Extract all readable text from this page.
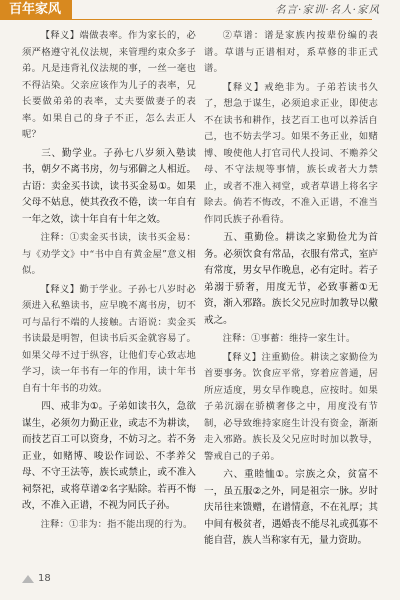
百年家风	名言·家训·名人·家风

【释义】端做表率。作为家长的，必须严格遵守礼仪法规，来管理约束众多子弟。凡是违背礼仪法规的事，一丝一毫也不得沾染。父亲应该作为儿子的表率，兄长要做弟弟的表率，丈夫要做妻子的表率。如果自己的身子不正，怎么去正人呢？

三、勤学业。子孙七八岁须入塾读书，朝夕不离书房，勿与邪僻之人相近。古语：卖金买书读，读书买金易①。如果父母不姑息，使其孜孜不倦，读一年自有一年之效，读十年自有十年之效。

注释：①卖金买书读，读书买金易：与《劝学文》中“书中自有黄金屋”意义相似。

【释义】勤于学业。子孙七八岁时必须进入私塾读书，应早晚不离书房，切不可与品行不端的人接触。古语说：卖金买书读最是明智，但读书后买金就容易了。如果父母不过于纵容，让他们专心致志地学习，读一年书有一年的作用，读十年书自有十年书的功效。

四、戒非为①。子弟如读书久，急欲谋生，必须勿力勤正业，或志不为耕读，而技艺百工可以资身，不妨习之。若不务正业，如赌博、唆讼作词讼、不孝养父母、不守王法等，族长或禁止，或不准入祠祭祀，或将草谱②名字贴除。若再不悔改，不准入正谱，不视为同氏子孙。

注释：①非为：指不能出现的行为。

②草谱：谱是家族内按辈份编的表谱。草谱与正谱相对，系草修的非正式谱。

【释义】戒绝非为。子弟若读书久了，想急于谋生，必须追求正业，即使志不在读书和耕作，技艺百工也可以养活自己，也不妨去学习。如果不务正业，如赌博、唆使他人打官司代人投词、不赡养父母、不守法规等事情，族长或者大力禁止，或者不准入祠堂，或者草谱上将名字除去。倘若不悔改，不准入正谱，不准当作同氏族子孙看待。

五、重勤俭。耕读之家勤俭尤为首务。必须饮食有常品，衣服有常式，室庐有常度，男女早作晚息，必有定时。若子弟溺于骄奢，用度无节，必致事蓄①无资，渐入邪路。族长父兄应时加教导以儆戒之。

注释：①事蓄：维持一家生计。

【释义】注重勤俭。耕读之家勤俭为首要事务。饮食应平常，穿着应普通，居所应适度，男女早作晚息，应按时。如果子弟沉溺在骄横奢侈之中，用度没有节制，必导致维持家庭生计没有资金，渐渐走入邪路。族长及父兄应时时加以教导，警戒自己的子弟。

六、重睦恤①。宗族之众，贫富不一，虽五服②之外，同是祖宗一脉。岁时庆吊往来馈赠，在谱情意，不在礼厚；其中间有极贫者，遇婚丧不能尽礼或孤寡不能自营，族人当称家有无，量力资助。

18
